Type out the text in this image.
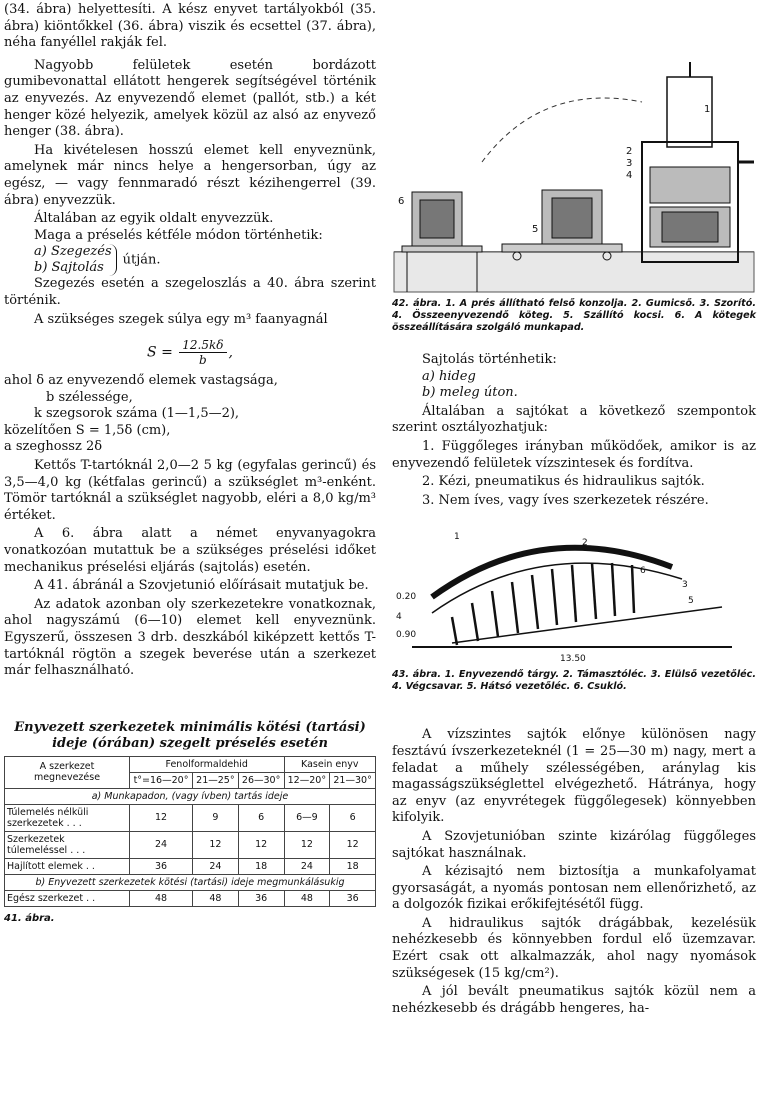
(34. ábra) helyettesíti. A kész enyvet tartályokból (35. ábra) kiöntőkkel (36. ábra) viszik és ecsettel (37. ábra), néha fanyéllel rakják fel.

Nagyobb felületek esetén bordázott gumibevonattal ellátott hengerek segítségével történik az enyvezés. Az enyvezendő elemet (pallót, stb.) a két henger közé helyezik, amelyek közül az alsó az enyvező henger (38. ábra).

Ha kivételesen hosszú elemet kell enyveznünk, amelynek már nincs helye a hengersorban, úgy az egész, — vagy fennmaradó részt kézihengerrel (39. ábra) enyvezzük.

Általában az egyik oldalt enyvezzük.

Maga a préselés kétféle módon történhetik:

a) Szegezés
b) Sajtolás	útján.

Szegezés esetén a szegeloszlás a 40. ábra szerint történik.

A szükséges szegek súlya egy m³ faanyagnál

$S = \frac{12.5k\delta}{b}$ ,

ahol δ az enyvezendő elemek vastagsága,

b szélessége,

k szegsorok száma (1—1,5—2),

közelítően S = 1,5δ (cm),

a szeghossz 2δ

Kettős T-tartóknál 2,0—2 5 kg (egyfalas gerincű) és 3,5—4,0 kg (kétfalas gerincű) a szükséglet m³-enként. Tömör tartóknál a szükséglet nagyobb, eléri a 8,0 kg/m³ értéket.

A 6. ábra alatt a német enyvanyagokra vonatkozóan mutattuk be a szükséges préselési időket mechanikus préselési eljárás (sajtolás) esetén.

A 41. ábránál a Szovjetunió előírásait mutatjuk be.

Az adatok azonban oly szerkezetekre vonatkoznak, ahol nagyszámú (6—10) elemet kell enyveznünk. Egyszerű, összesen 3 drb. deszkából kiképzett kettős T-tartóknál rögtön a szegek beverése után a szerkezet már felhasználható.

Enyvezett szerkezetek minimális kötési (tartási)
ideje (órában) szegelt préselés esetén
A szerkezet megnevezése	Fenolformaldehid			Kasein enyv	
	t°=16—20°	21—25°	26—30°	12—20°	21—30°
a) Munkapadon, (vagy ívben) tartás ideje					
Túlemelés nélküli szerkezetek . . .	12	9	6	6—9	6
Szerkezetek túlemeléssel . . .	24	12	12	12	12
Hajlított elemek . .	36	24	18	24	18
b) Enyvezett szerkezetek kötési (tartási) ideje megmunkálásukig					
Egész szerkezet . .	48	48	36	48	36
41. ábra.
1
2
3
4
5
6
42. ábra. 1. A prés állítható felső konzolja. 2. Gumicső. 3. Szorító. 4. Összeenyvezendő köteg. 5. Szállító kocsi. 6. A kötegek összeállítására szolgáló munkapad.

Sajtolás történhetik:

a) hideg

b) meleg úton.

Általában a sajtókat a következő szempontok szerint osztályozhatjuk:

1. Függőleges irányban működőek, amikor is az enyvezendő felületek vízszintesek és fordítva.

2. Kézi, pneumatikus és hidraulikus sajtók.

3. Nem íves, vagy íves szerkezetek részére.

1
2
3
4
5
6
13.50
0.20
0.90
43. ábra. 1. Enyvezendő tárgy. 2. Támasztóléc. 3. Elülső vezetőléc. 4. Végcsavar. 5. Hátsó vezetőléc. 6. Csukló.

A vízszintes sajtók előnye különösen nagy fesztávú ívszerkezeteknél (1 = 25—30 m) nagy, mert a feladat a műhely szélességében, aránylag kis magasságszükséglettel elvégezhető. Hátránya, hogy az enyv (az enyvrétegek függőlegesek) könnyebben kifolyik.

A Szovjetunióban szinte kizárólag függőleges sajtókat használnak.

A kézisajtó nem biztosítja a munkafolyamat gyorsaságát, a nyomás pontosan nem ellenőrizhető, az a dolgozók fizikai erőkifejtésétől függ.

A hidraulikus sajtók drágábbak, kezelésük nehézkesebb és könnyebben fordul elő üzemzavar. Ezért csak ott alkalmazzák, ahol nagy nyomások szükségesek (15 kg/cm²).

A jól bevált pneumatikus sajtók közül nem a nehézkesebb és drágább hengeres, ha-
